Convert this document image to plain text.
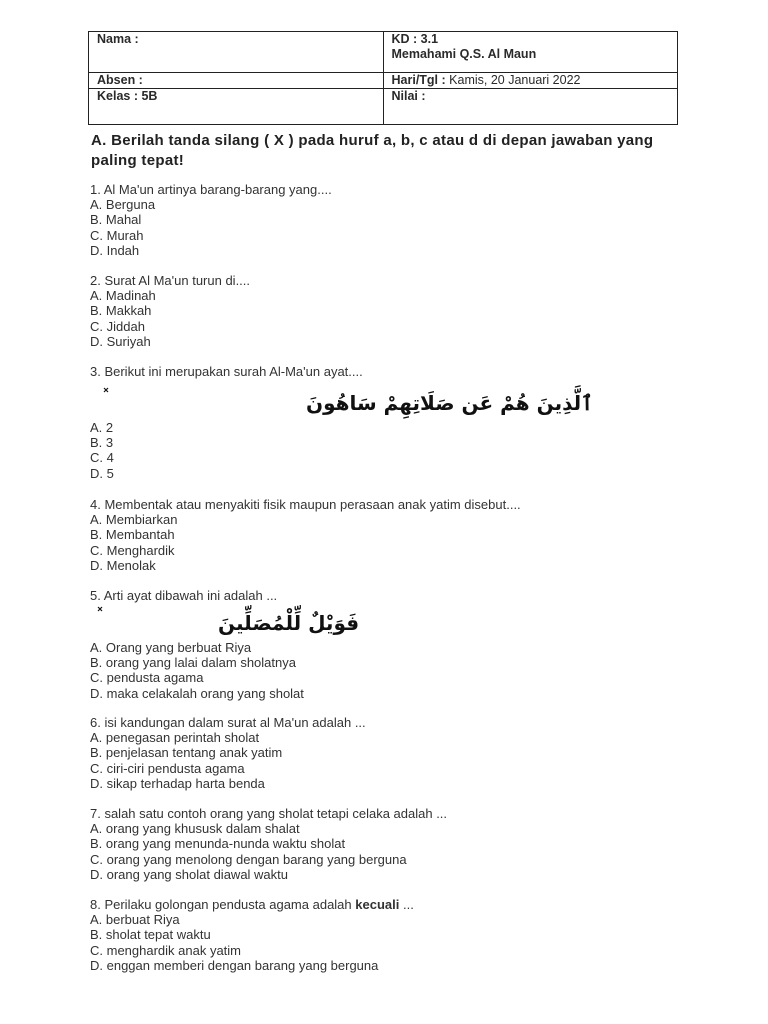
Nama :	KD : 3.1
Memahami Q.S. Al Maun

Absen :	Hari/Tgl : Kamis, 20 Januari 2022
Kelas : 5B	Nilai :
A. Berilah tanda silang ( X ) pada huruf a, b, c atau d di depan jawaban yang paling tepat!
1. Al Ma'un artinya barang-barang yang....
A. Berguna
B. Mahal
C. Murah
D. Indah
2. Surat Al Ma'un turun di....
A. Madinah
B. Makkah
C. Jiddah
D. Suriyah
3. Berikut ini merupakan surah Al-Ma'un ayat....
ٱلَّذِينَ هُمْ عَن صَلَاتِهِمْ سَاهُونَ
A. 2
B. 3
C. 4
D. 5
4. Membentak atau menyakiti fisik maupun perasaan anak yatim disebut....
A. Membiarkan
B. Membantah
C. Menghardik
D. Menolak
5. Arti ayat dibawah ini adalah ...
فَوَيْلٌ لِّلْمُصَلِّينَ
A. Orang yang berbuat Riya
B. orang yang lalai dalam sholatnya
C. pendusta agama
D. maka celakalah orang yang sholat
6. isi kandungan dalam surat al Ma'un adalah ...
A. penegasan perintah sholat
B. penjelasan tentang anak yatim
C. ciri-ciri pendusta agama
D. sikap terhadap harta benda
7. salah satu contoh orang yang sholat tetapi celaka adalah ...
A. orang yang khususk dalam shalat
B. orang yang menunda-nunda waktu sholat
C. orang yang menolong dengan barang yang berguna
D. orang yang sholat diawal waktu
8. Perilaku golongan pendusta agama adalah kecuali ...
A. berbuat Riya
B. sholat tepat waktu
C. menghardik anak yatim
D. enggan memberi dengan barang yang berguna
